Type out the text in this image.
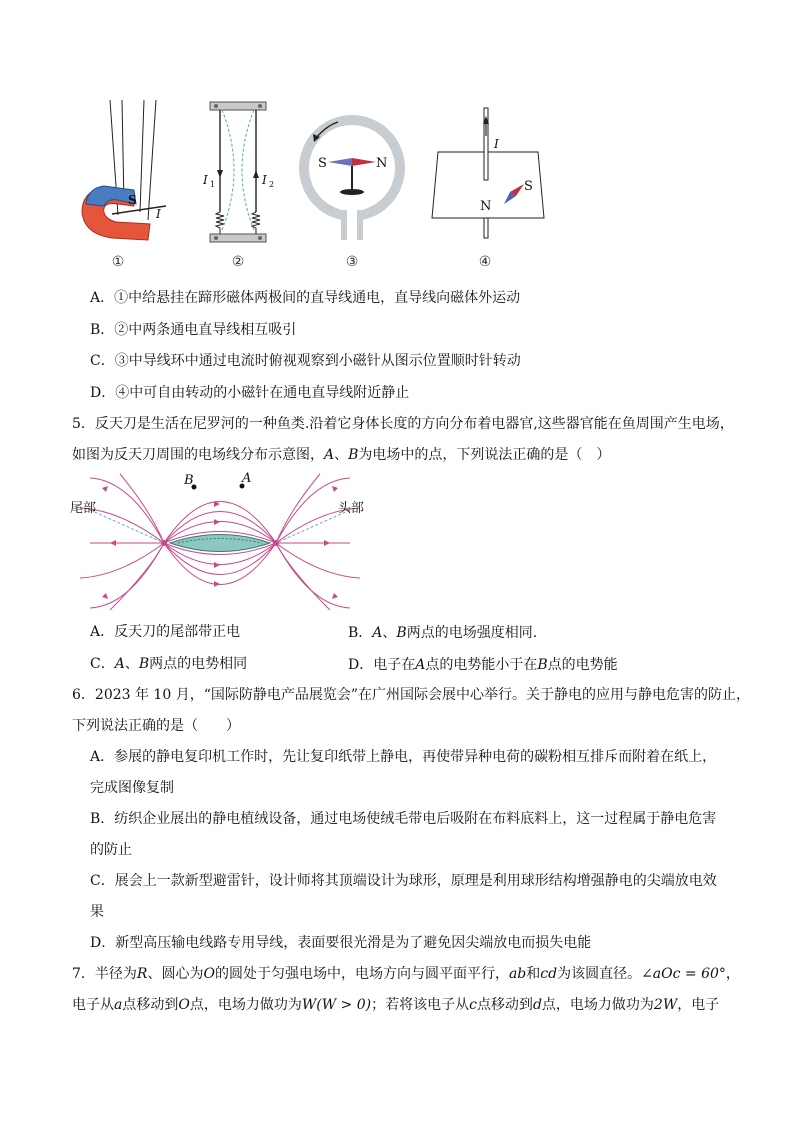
S
I
①
I 1	I 2
②
S	N
③
I
S
N
④
A．①中给悬挂在蹄形磁体两极间的直导线通电，直导线向磁体外运动
B．②中两条通电直导线相互吸引
C．③中导线环中通过电流时俯视观察到小磁针从图示位置顺时针转动
D．④中可自由转动的小磁针在通电直导线附近静止
5．反天刀是生活在尼罗河的一种鱼类.沿着它身体长度的方向分布着电器官,这些器官能在鱼周围产生电场，
如图为反天刀周围的电场线分布示意图，A、B为电场中的点，下列说法正确的是（　）
B	A
尾部	头部
A．反天刀的尾部带正电	B．A、B两点的电场强度相同.
C．A、B两点的电势相同	D．电子在A点的电势能小于在B点的电势能
6．2023 年 10 月，“国际防静电产品展览会”在广州国际会展中心举行。关于静电的应用与静电危害的防止，
下列说法正确的是（　　）
A．参展的静电复印机工作时，先让复印纸带上静电，再使带异种电荷的碳粉相互排斥而附着在纸上，
完成图像复制
B．纺织企业展出的静电植绒设备，通过电场使绒毛带电后吸附在布料底料上，这一过程属于静电危害
的防止
C．展会上一款新型避雷针，设计师将其顶端设计为球形，原理是利用球形结构增强静电的尖端放电效
果
D．新型高压输电线路专用导线，表面要很光滑是为了避免因尖端放电而损失电能
7．半径为R、圆心为O的圆处于匀强电场中，电场方向与圆平面平行，ab和cd为该圆直径。∠aOc = 60°，
电子从a点移动到O点，电场力做功为W(W > 0)；若将该电子从c点移动到d点，电场力做功为2W，电子
